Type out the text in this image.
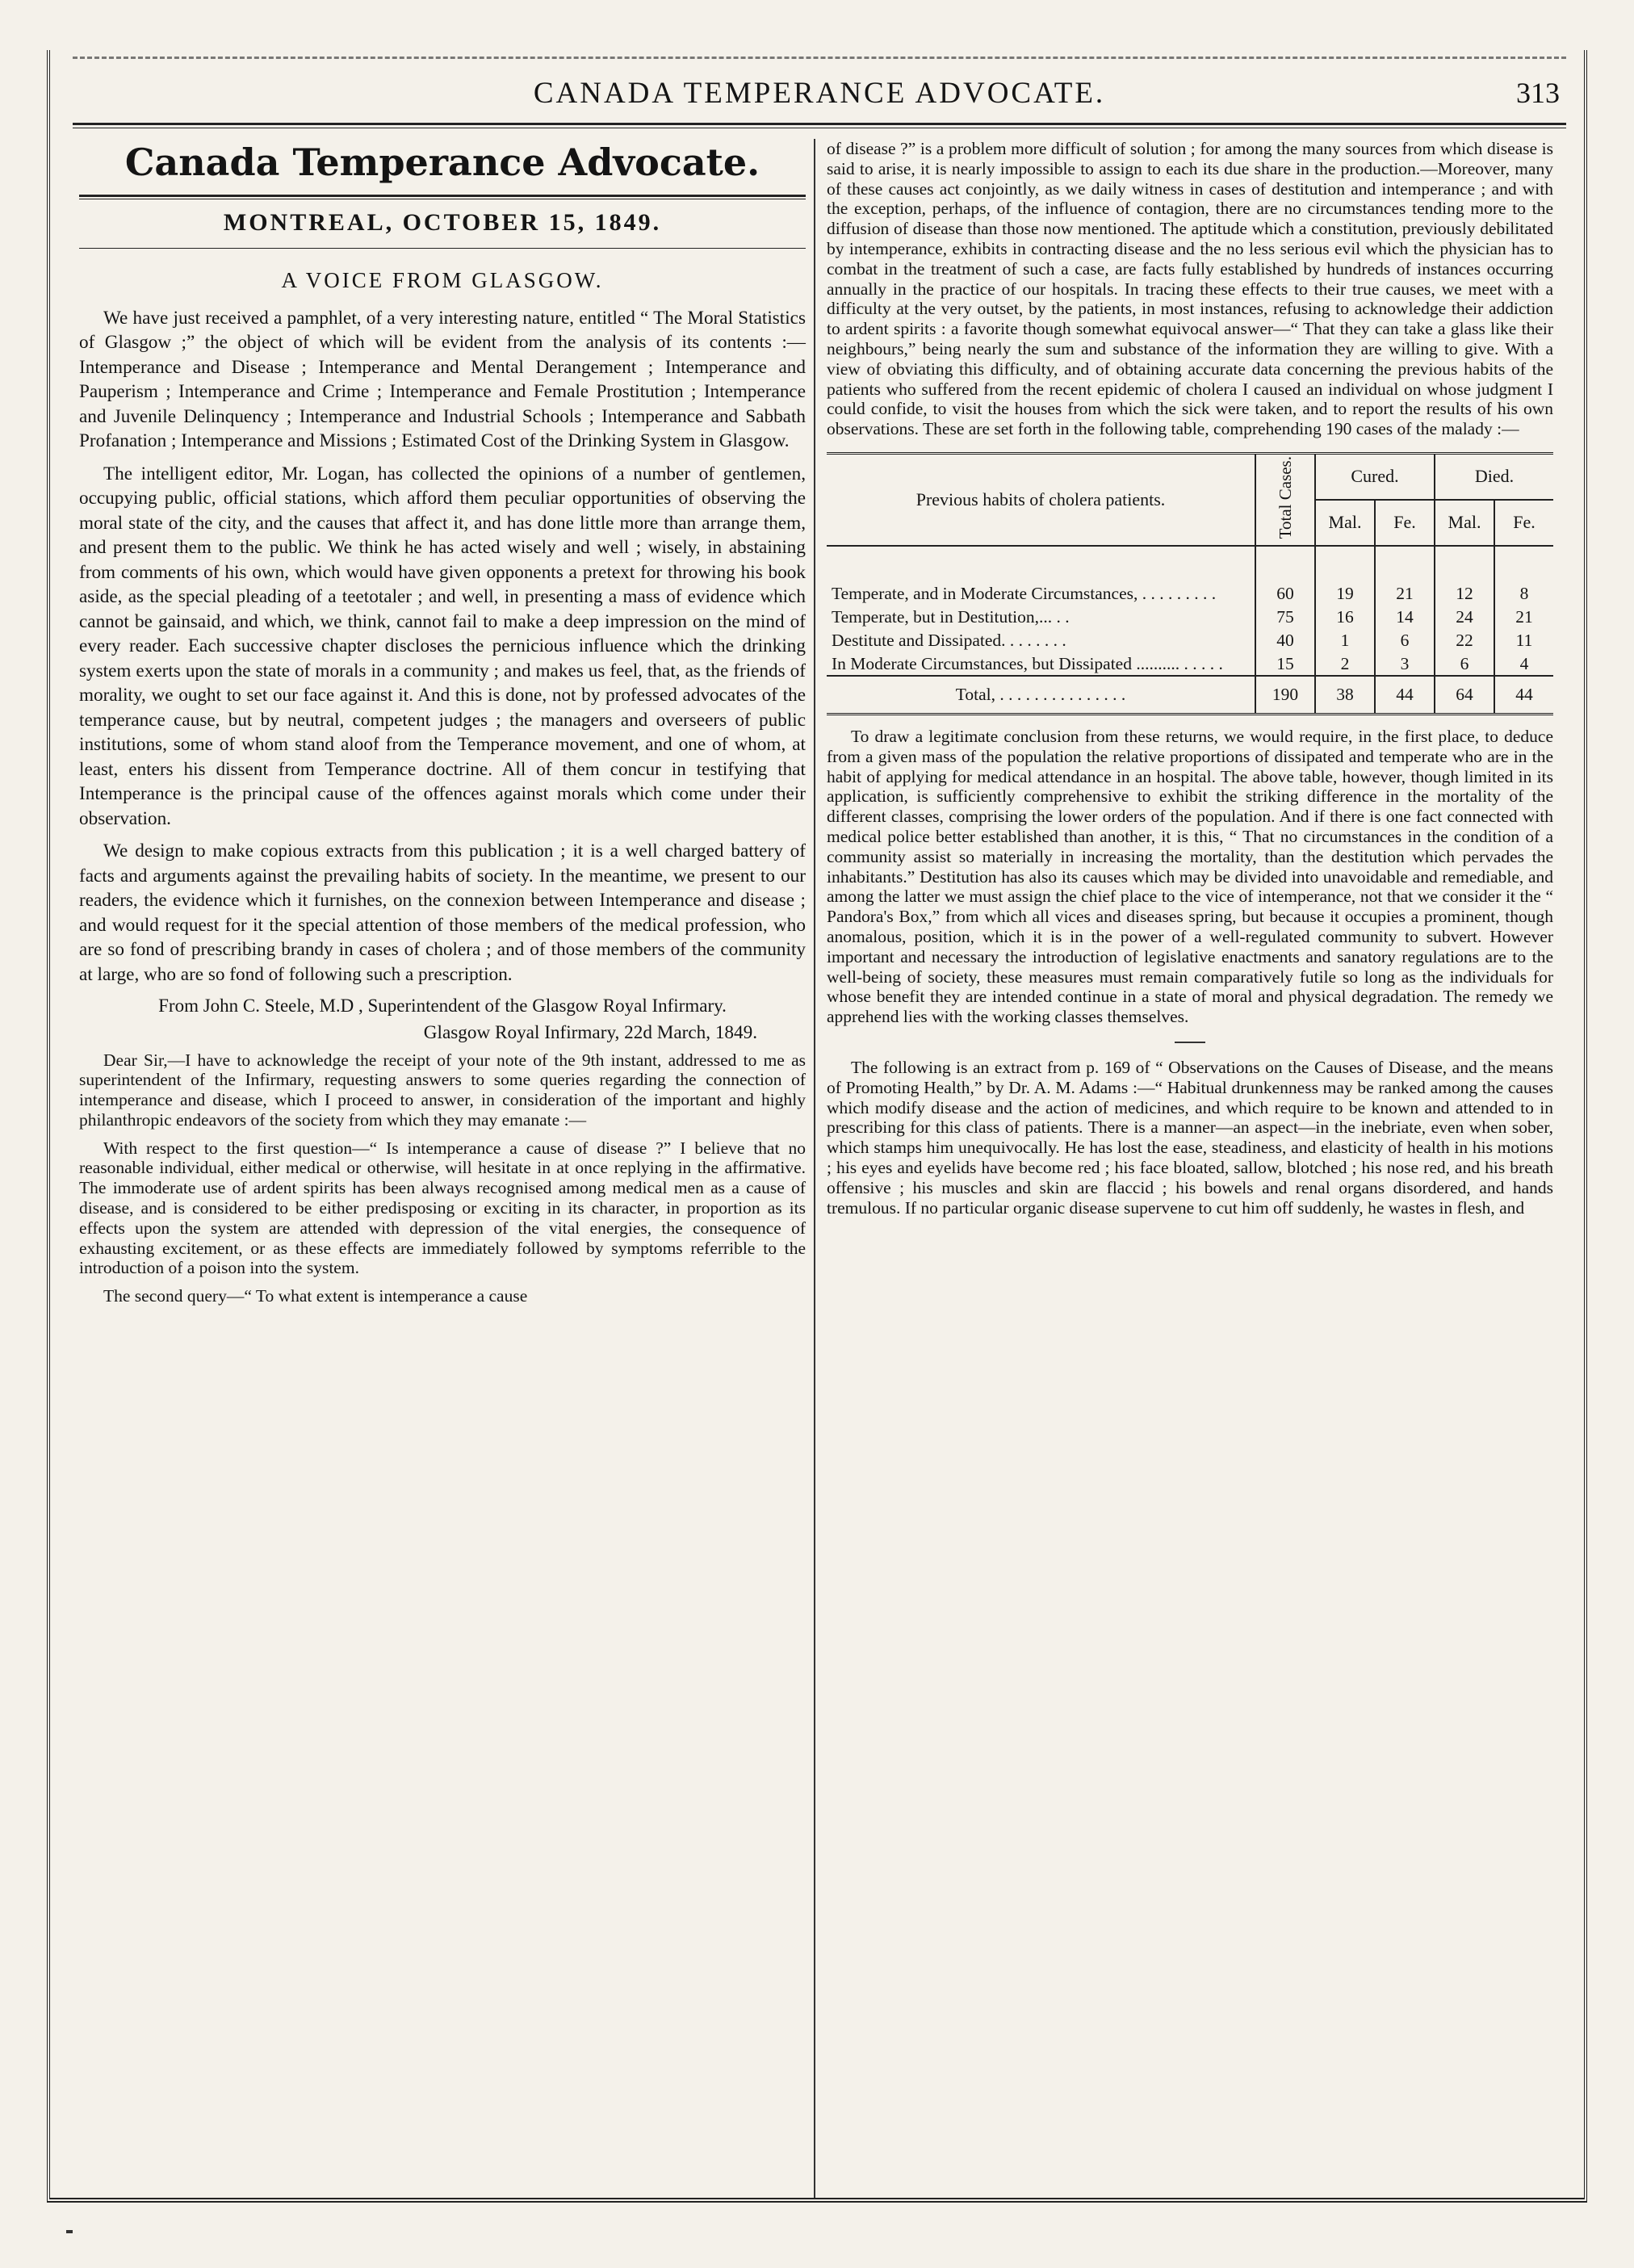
CANADA TEMPERANCE ADVOCATE.	313
Canada Temperance Advocate.
MONTREAL, OCTOBER 15, 1849.
A VOICE FROM GLASGOW.

We have just received a pamphlet, of a very interesting nature, entitled “ The Moral Statistics of Glasgow ;” the object of which will be evident from the analysis of its contents :—Intemperance and Disease ; Intemperance and Mental Derangement ; Intemperance and Pauperism ; Intemperance and Crime ; Intemperance and Female Prostitution ; Intemperance and Juvenile Delinquency ; Intemperance and Industrial Schools ; Intemperance and Sabbath Profanation ; Intemperance and Missions ; Estimated Cost of the Drinking System in Glasgow.

The intelligent editor, Mr. Logan, has collected the opinions of a number of gentlemen, occupying public, official stations, which afford them peculiar opportunities of observing the moral state of the city, and the causes that affect it, and has done little more than arrange them, and present them to the public. We think he has acted wisely and well ; wisely, in abstaining from comments of his own, which would have given opponents a pretext for throwing his book aside, as the special pleading of a teetotaler ; and well, in presenting a mass of evidence which cannot be gainsaid, and which, we think, cannot fail to make a deep impression on the mind of every reader. Each successive chapter discloses the pernicious influence which the drinking system exerts upon the state of morals in a community ; and makes us feel, that, as the friends of morality, we ought to set our face against it. And this is done, not by professed advocates of the temperance cause, but by neutral, competent judges ; the managers and overseers of public institutions, some of whom stand aloof from the Temperance movement, and one of whom, at least, enters his dissent from Temperance doctrine. All of them concur in testifying that Intemperance is the principal cause of the offences against morals which come under their observation.

We design to make copious extracts from this publication ; it is a well charged battery of facts and arguments against the prevailing habits of society. In the meantime, we present to our readers, the evidence which it furnishes, on the connexion between Intemperance and disease ; and would request for it the special attention of those members of the medical profession, who are so fond of prescribing brandy in cases of cholera ; and of those members of the community at large, who are so fond of following such a prescription.

From John C. Steele, M.D , Superintendent of the Glasgow Royal Infirmary.

Glasgow Royal Infirmary, 22d March, 1849.

Dear Sir,—I have to acknowledge the receipt of your note of the 9th instant, addressed to me as superintendent of the Infirmary, requesting answers to some queries regarding the connection of intemperance and disease, which I proceed to answer, in consideration of the important and highly philanthropic endeavors of the society from which they may emanate :—

With respect to the first question—“ Is intemperance a cause of disease ?” I believe that no reasonable individual, either medical or otherwise, will hesitate in at once replying in the affirmative. The immoderate use of ardent spirits has been always recognised among medical men as a cause of disease, and is considered to be either predisposing or exciting in its character, in proportion as its effects upon the system are attended with depression of the vital energies, the consequence of exhausting excitement, or as these effects are immediately followed by symptoms referrible to the introduction of a poison into the system.

The second query—“ To what extent is intemperance a cause

of disease ?” is a problem more difficult of solution ; for among the many sources from which disease is said to arise, it is nearly impossible to assign to each its due share in the production.—Moreover, many of these causes act conjointly, as we daily witness in cases of destitution and intemperance ; and with the exception, perhaps, of the influence of contagion, there are no circumstances tending more to the diffusion of disease than those now mentioned. The aptitude which a constitution, previously debilitated by intemperance, exhibits in contracting disease and the no less serious evil which the physician has to combat in the treatment of such a case, are facts fully established by hundreds of instances occurring annually in the practice of our hospitals. In tracing these effects to their true causes, we meet with a difficulty at the very outset, by the patients, in most instances, refusing to acknowledge their addiction to ardent spirits : a favorite though somewhat equivocal answer—“ That they can take a glass like their neighbours,” being nearly the sum and substance of the information they are willing to give. With a view of obviating this difficulty, and of obtaining accurate data concerning the previous habits of the patients who suffered from the recent epidemic of cholera I caused an individual on whose judgment I could confide, to visit the houses from which the sick were taken, and to report the results of his own observations. These are set forth in the following table, comprehending 190 cases of the malady :—

Previous habits of cholera patients.	Total Cases.	Cured.		Died.	
		Mal.	Fe.	Mal.	Fe.

Temperate, and in Moderate Circumstances, . . . . . . . . .	60	19	21	12	8
Temperate, but in Destitution,... . .	75	16	14	24	21
Destitute and Dissipated. . . . . . . .	40	1	6	22	11
In Moderate Circumstances, but Dissipated .......... . . . . .	15	2	3	6	4
Total, . . . . . . . . . . . . . . .	190	38	44	64	44

To draw a legitimate conclusion from these returns, we would require, in the first place, to deduce from a given mass of the population the relative proportions of dissipated and temperate who are in the habit of applying for medical attendance in an hospital. The above table, however, though limited in its application, is sufficiently comprehensive to exhibit the striking difference in the mortality of the different classes, comprising the lower orders of the population. And if there is one fact connected with medical police better established than another, it is this, “ That no circumstances in the condition of a community assist so materially in increasing the mortality, than the destitution which pervades the inhabitants.” Destitution has also its causes which may be divided into unavoidable and remediable, and among the latter we must assign the chief place to the vice of intemperance, not that we consider it the “ Pandora's Box,” from which all vices and diseases spring, but because it occupies a prominent, though anomalous, position, which it is in the power of a well-regulated community to subvert. However important and necessary the introduction of legislative enactments and sanatory regulations are to the well-being of society, these measures must remain comparatively futile so long as the individuals for whose benefit they are intended continue in a state of moral and physical degradation. The remedy we apprehend lies with the working classes themselves.

The following is an extract from p. 169 of “ Observations on the Causes of Disease, and the means of Promoting Health,” by Dr. A. M. Adams :—“ Habitual drunkenness may be ranked among the causes which modify disease and the action of medicines, and which require to be known and attended to in prescribing for this class of patients. There is a manner—an aspect—in the inebriate, even when sober, which stamps him unequivocally. He has lost the ease, steadiness, and elasticity of health in his motions ; his eyes and eyelids have become red ; his face bloated, sallow, blotched ; his nose red, and his breath offensive ; his muscles and skin are flaccid ; his bowels and renal organs disordered, and hands tremulous. If no particular organic disease supervene to cut him off suddenly, he wastes in flesh, and
